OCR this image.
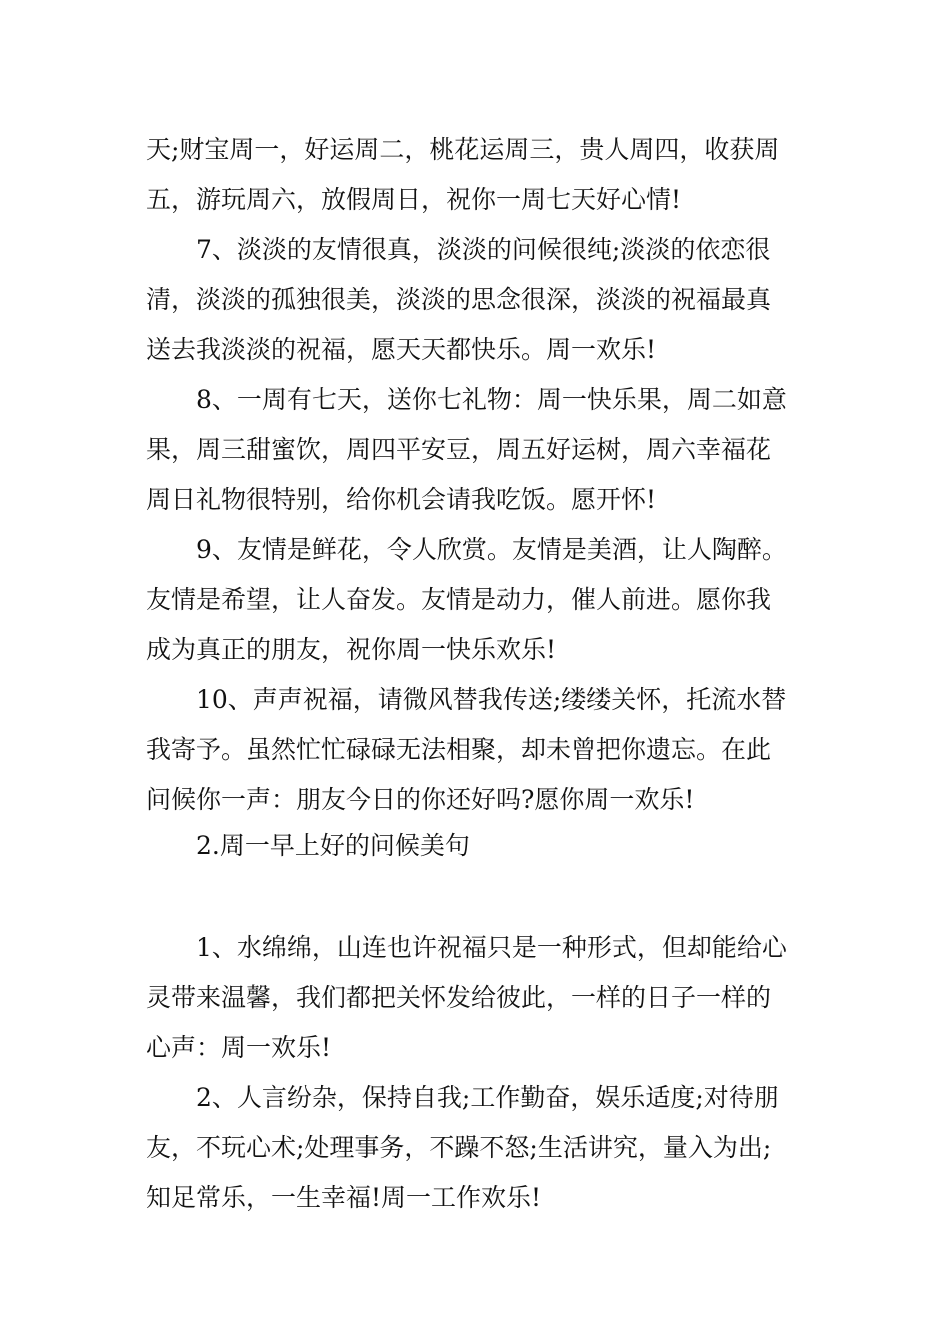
天;财宝周一，好运周二，桃花运周三，贵人周四，收获周
五，游玩周六，放假周日，祝你一周七天好心情!
7、淡淡的友情很真，淡淡的问候很纯;淡淡的依恋很
清，淡淡的孤独很美，淡淡的思念很深，淡淡的祝福最真
送去我淡淡的祝福，愿天天都快乐。周一欢乐!
8、一周有七天，送你七礼物：周一快乐果，周二如意
果，周三甜蜜饮，周四平安豆，周五好运树，周六幸福花
周日礼物很特别，给你机会请我吃饭。愿开怀!
9、友情是鲜花，令人欣赏。友情是美酒，让人陶醉。
友情是希望，让人奋发。友情是动力，催人前进。愿你我
成为真正的朋友，祝你周一快乐欢乐!
10、声声祝福，请微风替我传送;缕缕关怀，托流水替
我寄予。虽然忙忙碌碌无法相聚，却未曾把你遗忘。在此
问候你一声：朋友今日的你还好吗?愿你周一欢乐!
2.周一早上好的问候美句
1、水绵绵，山连也许祝福只是一种形式，但却能给心
灵带来温馨，我们都把关怀发给彼此，一样的日子一样的
心声：周一欢乐!
2、人言纷杂，保持自我;工作勤奋，娱乐适度;对待朋
友，不玩心术;处理事务，不躁不怒;生活讲究，量入为出;
知足常乐，一生幸福!周一工作欢乐!
